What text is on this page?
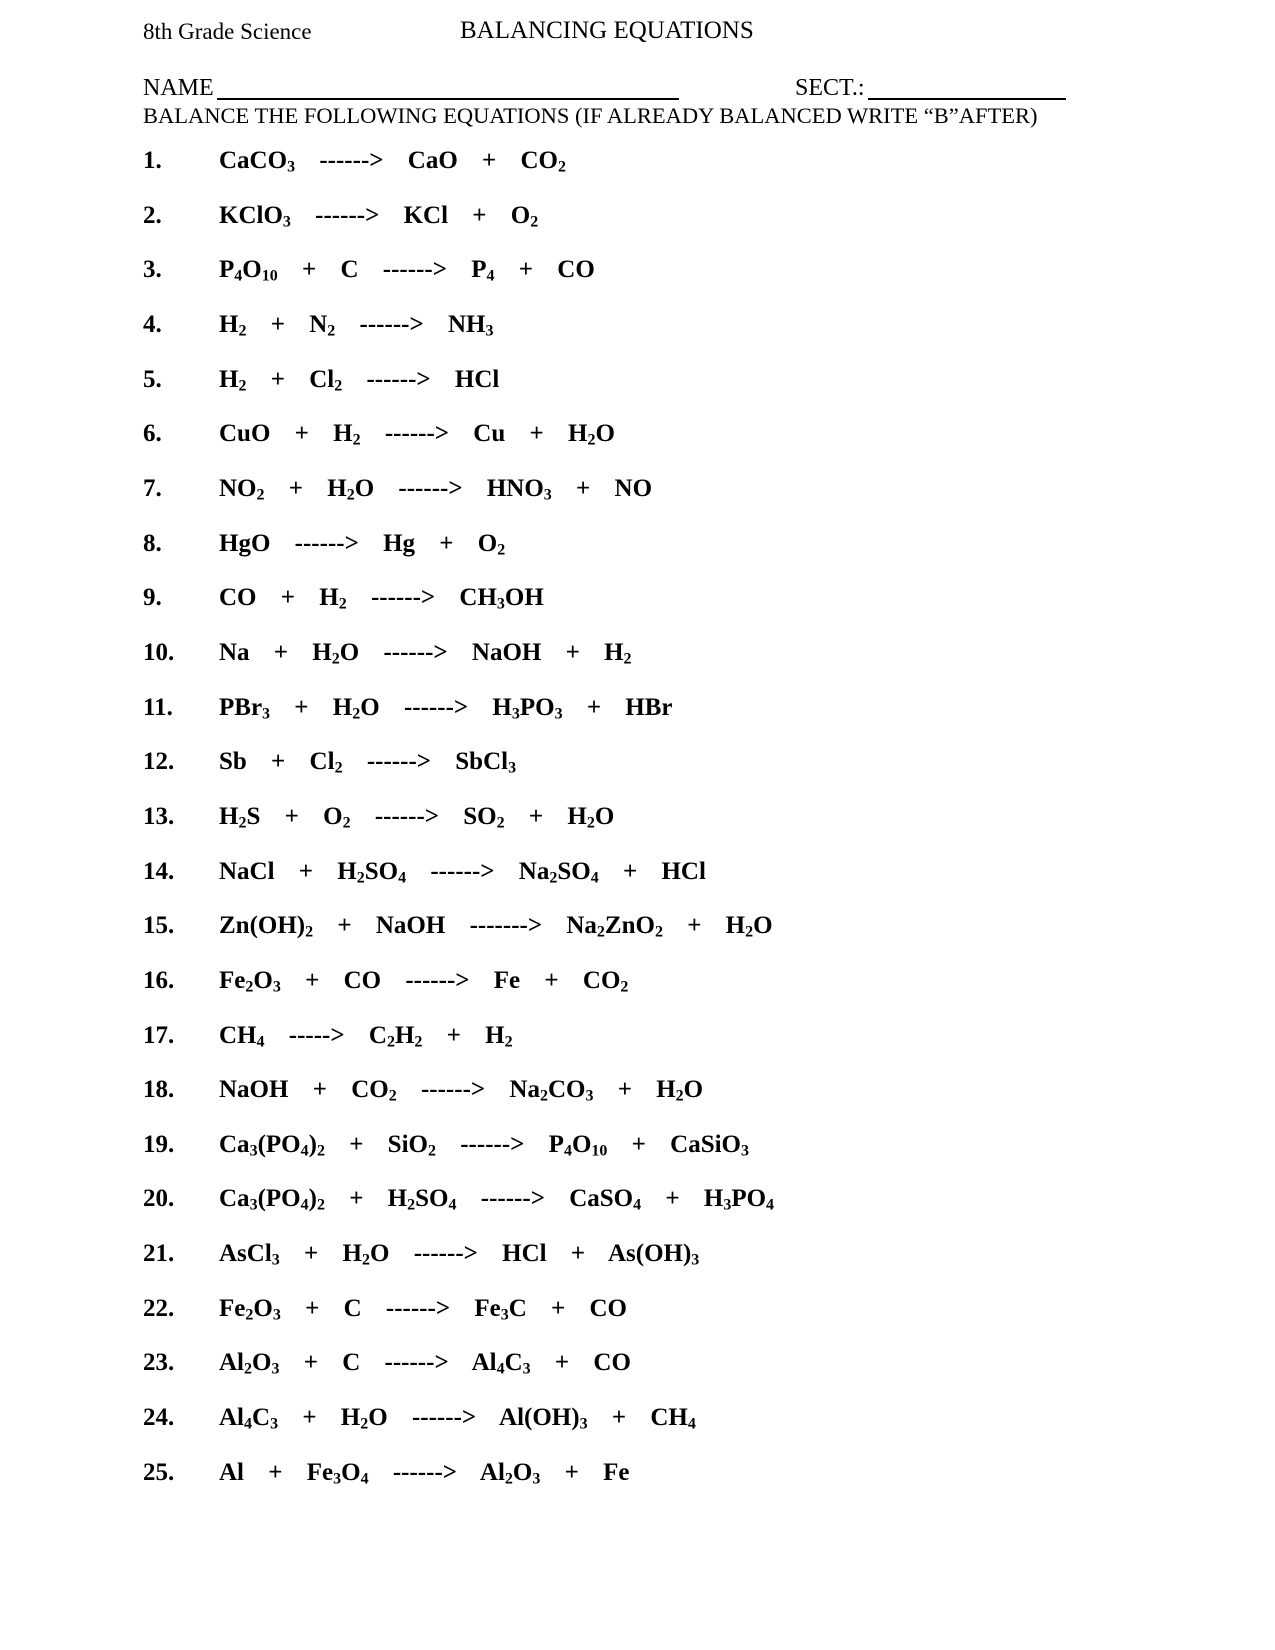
8th Grade Science	BALANCING EQUATIONS
NAME	SECT.:
BALANCE THE FOLLOWING EQUATIONS (IF ALREADY BALANCED WRITE “B”AFTER)
1. CaCO$_3$ ------> CaO + $CO_2$
2. KClO$_3$ ------> KCl + $O_2$
3. $P_4O_{10} + C$ ------> $P_4$ + CO
4. $H_2 + N_2$ ------> $NH_3$
5. $H_2 + Cl_2$ ------> HCl
6. CuO + $H_2$ ------> $Cu + H_2O$
7. $NO_2 + H_2O$ ------> $HNO_3$ + NO
8. HgO ------> $Hg + O_2$
9. CO + $H_2$ ------> $CH_3OH$
10. $Na + H_2O$ ------> NaOH + $H_2$
11. $PBr_3 + H_2O$ ------> $H_3PO_3$ + HBr
12. $Sb + Cl_2$ ------> SbCl$_3$
13. $H_2S + O_2$ ------> $SO_2 + H_2O$
14. NaCl + $H_2SO_4$ ------> $Na_2SO_4$ + HCl
15. $Zn(OH)_2$ + NaOH -------> $Na_2ZnO_2 + H_2O$
16. $Fe_2O_3$ + CO ------> $Fe + CO_2$
17. $CH_4$ -----> $C_2H_2 + H_2$
18. NaOH + $CO_2$ ------> $Na_2CO_3 + H_2O$
19. $Ca_3(PO_4)_2 + SiO_2$ ------> $P_4O_{10}$ + CaSiO$_3$
20. $Ca_3(PO_4)_2 + H_2SO_4$ ------> CaSO$_4$ + $H_3PO_4$
21. AsCl$_3$ + $H_2O$ ------> HCl + $As(OH)_3$
22. $Fe_2O_3 + C$ ------> $Fe_3C$ + CO
23. $Al_2O_3 + C$ ------> $Al_4C_3$ + CO
24. $Al_4C_3 + H_2O$ ------> $Al(OH)_3 + CH_4$
25. $Al + Fe_3O_4$ ------> $Al_2O_3 + Fe$
